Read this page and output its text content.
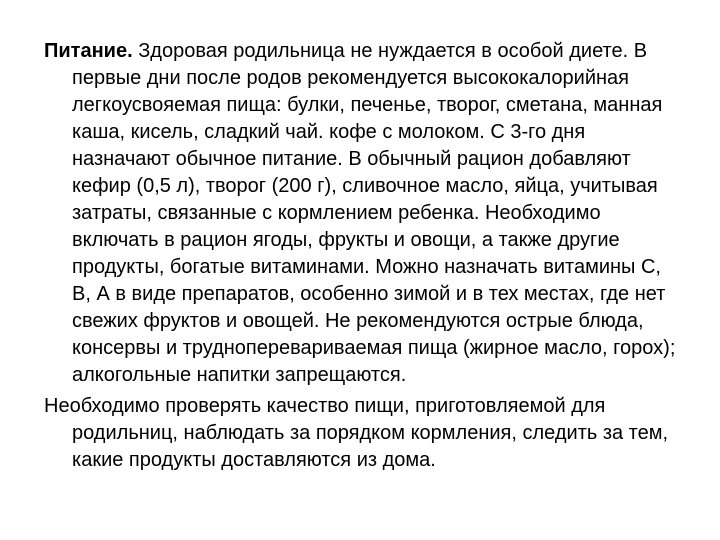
Питание. Здоровая родильница не нуждается в особой диете. В первые дни после родов рекомендуется высококалорийная легкоусвояемая пища: булки, печенье, творог, сметана, манная каша, кисель, сладкий чай. кофе с молоком. С 3-го дня назначают обычное питание. В обычный рацион добавляют кефир (0,5 л), творог (200 г), сливочное масло, яйца, учитывая затраты, связанные с кормлением ребенка. Необходимо включать в рацион ягоды, фрукты и овощи, а также другие продукты, богатые витаминами. Можно назначать витамины С, В, А в виде препаратов, особенно зимой и в тех местах, где нет свежих фруктов и овощей. Не рекомендуются острые блюда, консервы и трудноперевариваемая пища (жирное масло, горох); алкогольные напитки запрещаются.

Необходимо проверять качество пищи, приготовляемой для родильниц, наблюдать за порядком кормления, следить за тем, какие продукты доставляются из дома.
